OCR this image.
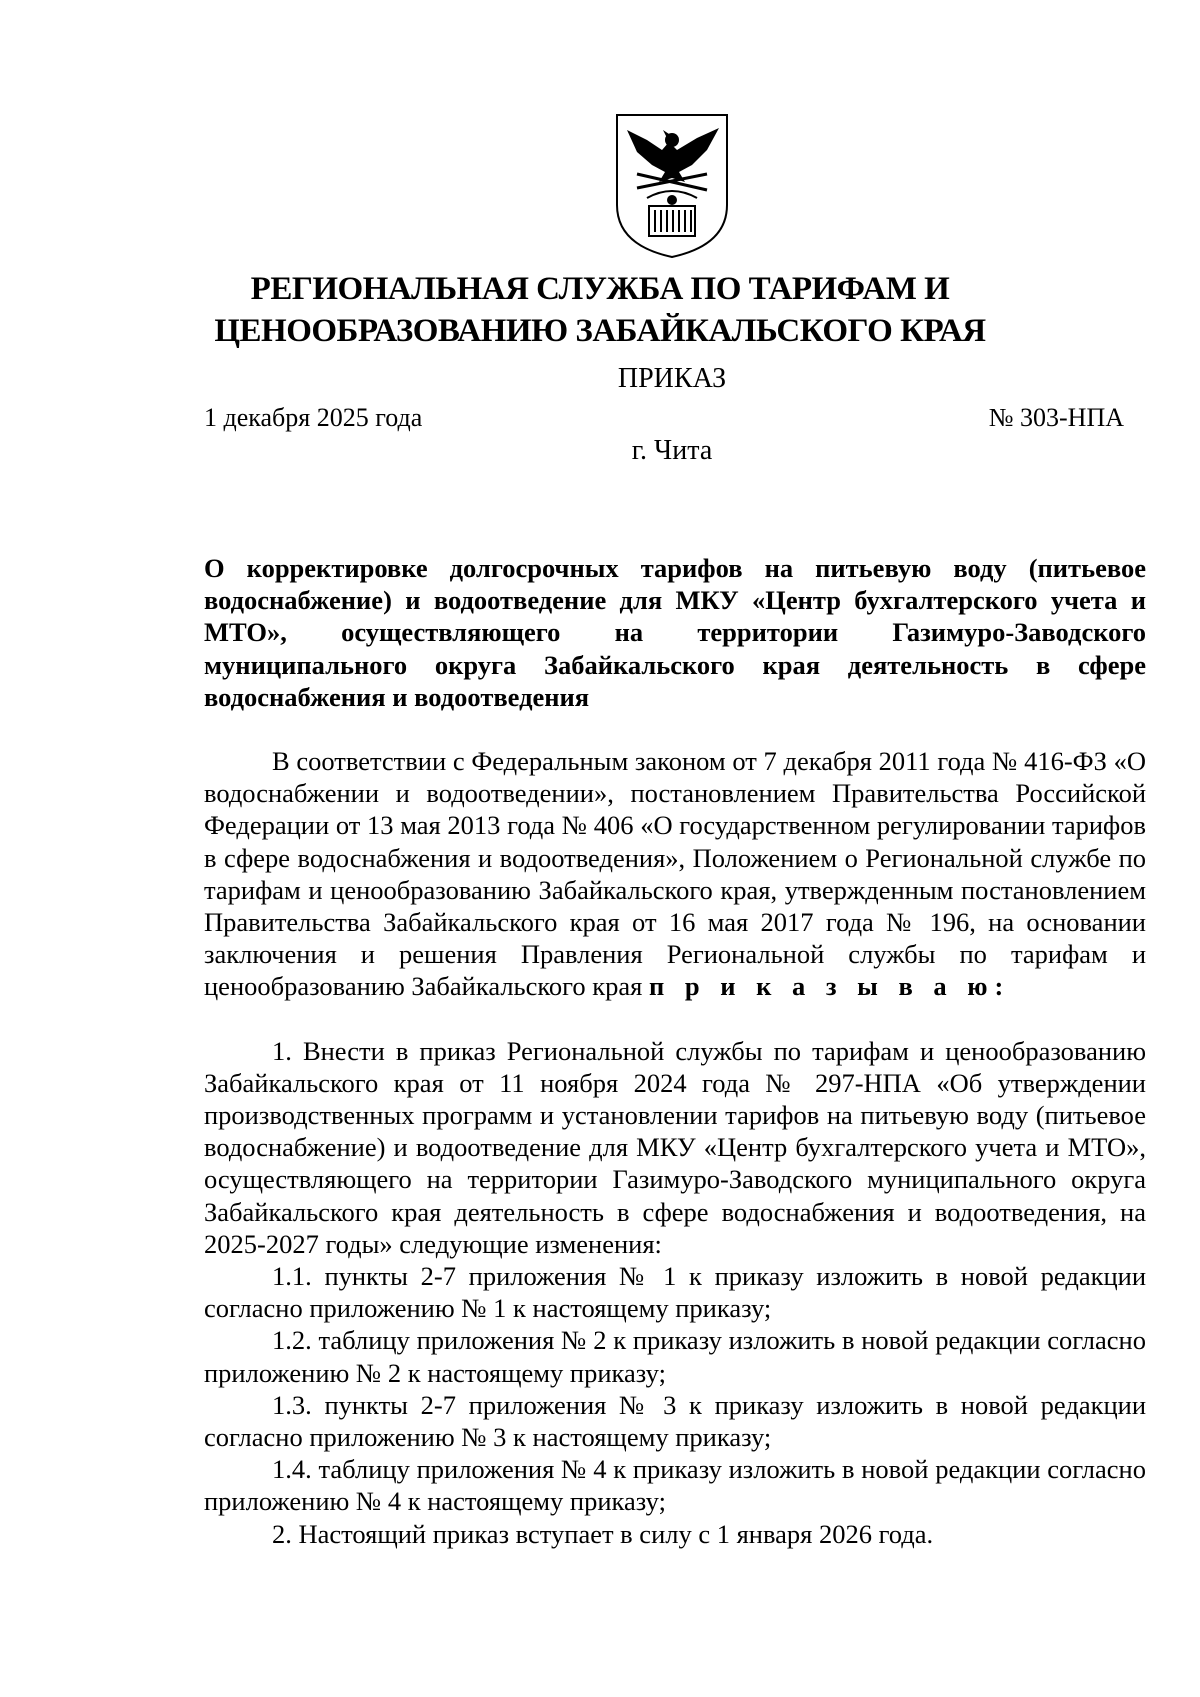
РЕГИОНАЛЬНАЯ СЛУЖБА ПО ТАРИФАМ И
ЦЕНООБРАЗОВАНИЮ ЗАБАЙКАЛЬСКОГО КРАЯ
ПРИКАЗ
1 декабря 2025 года	№ 303-НПА
г. Чита

О корректировке долгосрочных тарифов на питьевую воду (питьевое водоснабжение) и водоотведение для МКУ «Центр бухгалтерского учета и МТО», осуществляющего на территории Газимуро-Заводского муниципального округа Забайкальского края деятельность в сфере водоснабжения и водоотведения

В соответствии с Федеральным законом от 7 декабря 2011 года № 416-ФЗ «О водоснабжении и водоотведении», постановлением Правительства Российской Федерации от 13 мая 2013 года № 406 «О государственном регулировании тарифов в сфере водоснабжения и водоотведения», Положением о Региональной службе по тарифам и ценообразованию Забайкальского края, утвержденным постановлением Правительства Забайкальского края от 16 мая 2017 года № 196, на основании заключения и решения Правления Региональной службы по тарифам и ценообразованию Забайкальского края п р и к а з ы в а ю:

1. Внести в приказ Региональной службы по тарифам и ценообразованию Забайкальского края от 11 ноября 2024 года № 297-НПА «Об утверждении производственных программ и установлении тарифов на питьевую воду (питьевое водоснабжение) и водоотведение для МКУ «Центр бухгалтерского учета и МТО», осуществляющего на территории Газимуро-Заводского муниципального округа Забайкальского края деятельность в сфере водоснабжения и водоотведения, на 2025-2027 годы» следующие изменения:

1.1. пункты 2-7 приложения № 1 к приказу изложить в новой редакции согласно приложению № 1 к настоящему приказу;

1.2. таблицу приложения № 2 к приказу изложить в новой редакции согласно приложению № 2 к настоящему приказу;

1.3. пункты 2-7 приложения № 3 к приказу изложить в новой редакции согласно приложению № 3 к настоящему приказу;

1.4. таблицу приложения № 4 к приказу изложить в новой редакции согласно приложению № 4 к настоящему приказу;

2. Настоящий приказ вступает в силу с 1 января 2026 года.
